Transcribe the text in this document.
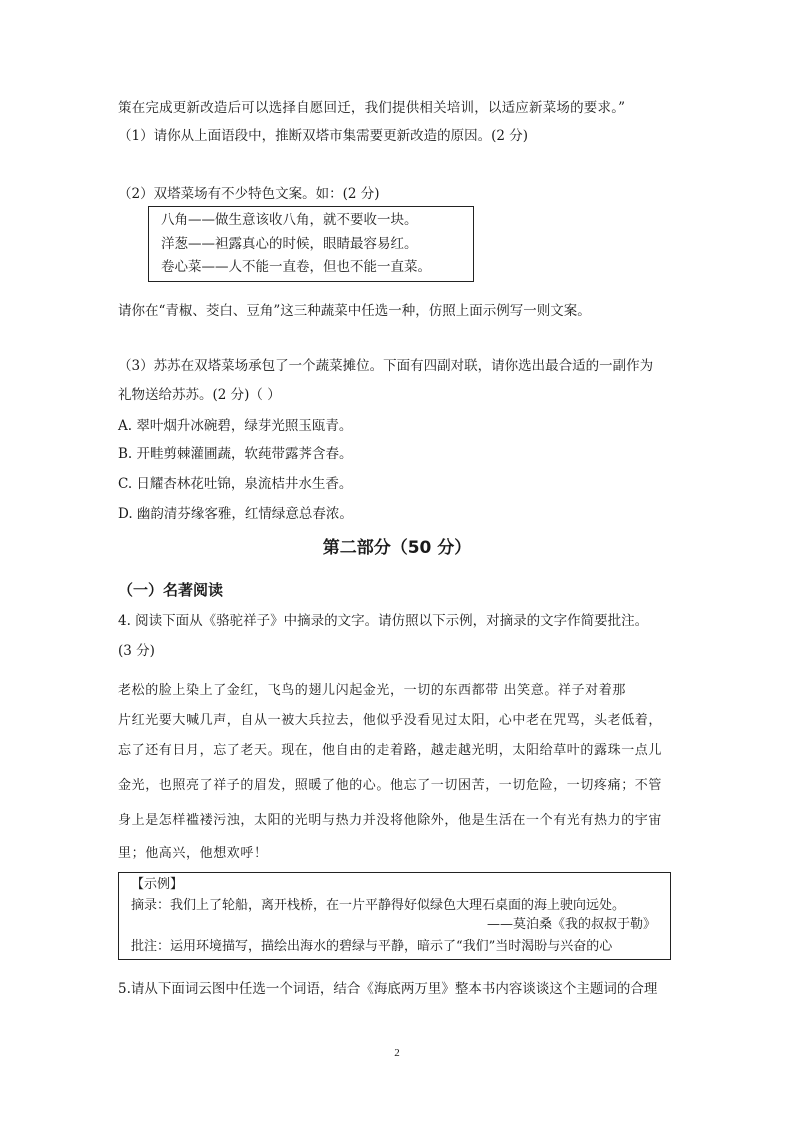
策在完成更新改造后可以选择自愿回迁，我们提供相关培训，以适应新菜场的要求。”
（1）请你从上面语段中，推断双塔市集需要更新改造的原因。(2 分)
（2）双塔菜场有不少特色文案。如：(2 分)
八角——做生意该收八角，就不要收一块。
洋葱——袒露真心的时候，眼睛最容易红。
卷心菜——人不能一直卷，但也不能一直菜。
请你在“青椒、茭白、豆角”这三种蔬菜中任选一种，仿照上面示例写一则文案。
（3）苏苏在双塔菜场承包了一个蔬菜摊位。下面有四副对联，请你选出最合适的一副作为
礼物送给苏苏。(2 分)（ ）
A. 翠叶烟升冰碗碧，绿芽光照玉瓯青。
B. 开畦剪棘灌圃蔬，软莼带露荠含春。
C. 日耀杏林花吐锦，泉流桔井水生香。
D. 幽韵清芬缘客雅，红情绿意总春浓。
第二部分（50 分）
（一）名著阅读
4. 阅读下面从《骆驼祥子》中摘录的文字。请仿照以下示例，对摘录的文字作简要批注。
(3 分)
老松的脸上染上了金红，飞鸟的翅儿闪起金光，一切的东西都带 出笑意。祥子对着那
片红光要大喊几声，自从一被大兵拉去，他似乎没看见过太阳，心中老在咒骂，头老低着，
忘了还有日月，忘了老天。现在，他自由的走着路，越走越光明，太阳给草叶的露珠一点儿
金光，也照亮了祥子的眉发，照暖了他的心。他忘了一切困苦，一切危险，一切疼痛；不管
身上是怎样褴褛污浊，太阳的光明与热力并没将他除外，他是生活在一个有光有热力的宇宙
里；他高兴，他想欢呼！
【示例】
摘录：我们上了轮船，离开栈桥，在一片平静得好似绿色大理石桌面的海上驶向远处。
——莫泊桑《我的叔叔于勒》
批注：运用环境描写，描绘出海水的碧绿与平静，暗示了“我们”当时渴盼与兴奋的心
5.请从下面词云图中任选一个词语，结合《海底两万里》整本书内容谈谈这个主题词的合理
2
